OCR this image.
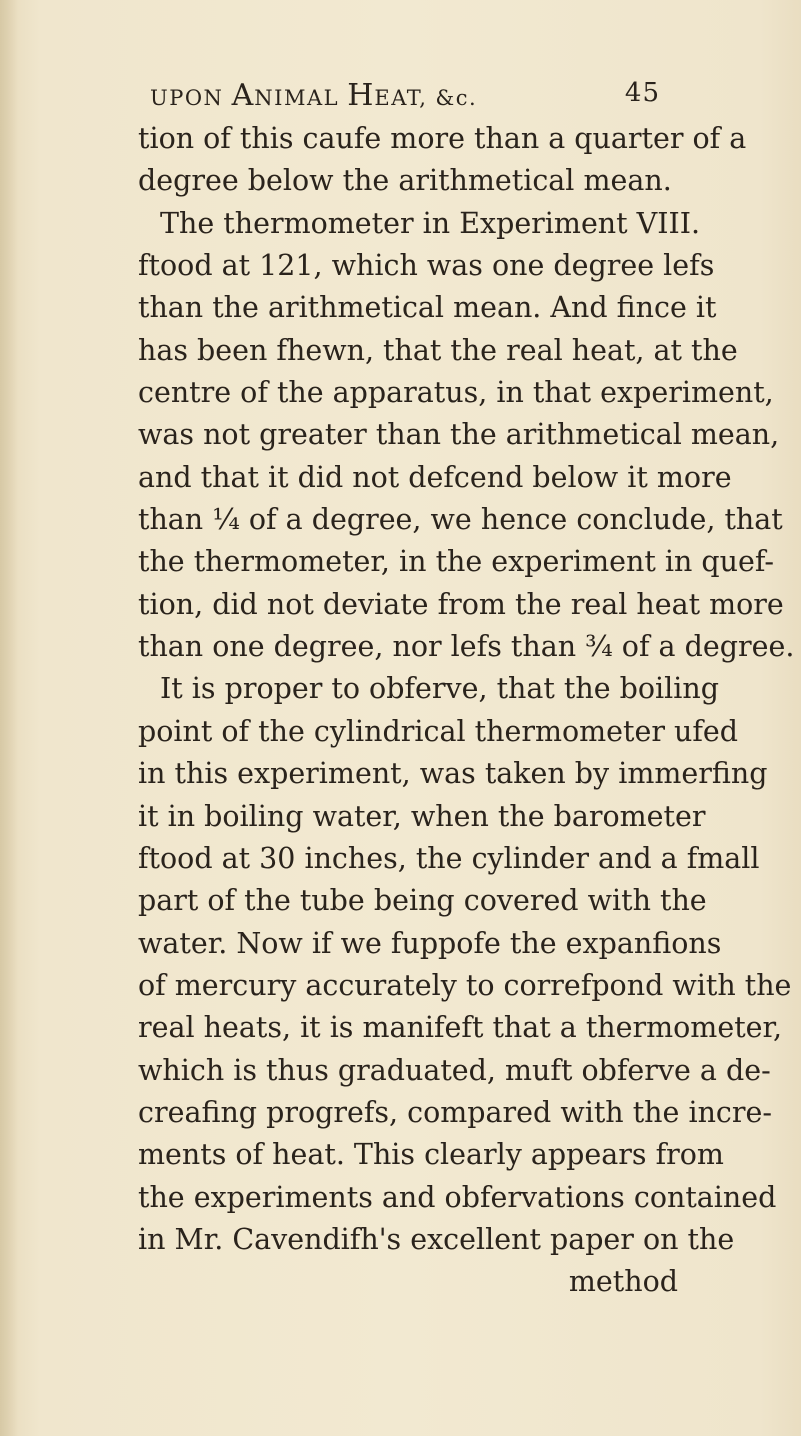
UPON ANIMAL HEAT, &c.	45
tion of this caufe more than a quarter of a
degree below the arithmetical mean.
The thermometer in Experiment VIII.
ftood at 121, which was one degree lefs
than the arithmetical mean. And fince it
has been fhewn, that the real heat, at the
centre of the apparatus, in that experiment,
was not greater than the arithmetical mean,
and that it did not defcend below it more
than ¼ of a degree, we hence conclude, that
the thermometer, in the experiment in quef-
tion, did not deviate from the real heat more
than one degree, nor lefs than ¾ of a degree.
It is proper to obferve, that the boiling
point of the cylindrical thermometer ufed
in this experiment, was taken by immerfing
it in boiling water, when the barometer
ftood at 30 inches, the cylinder and a fmall
part of the tube being covered with the
water. Now if we fuppofe the expanfions
of mercury accurately to correfpond with the
real heats, it is manifeft that a thermometer,
which is thus graduated, muft obferve a de-
creafing progrefs, compared with the incre-
ments of heat. This clearly appears from
the experiments and obfervations contained
in Mr. Cavendifh's excellent paper on the
method
